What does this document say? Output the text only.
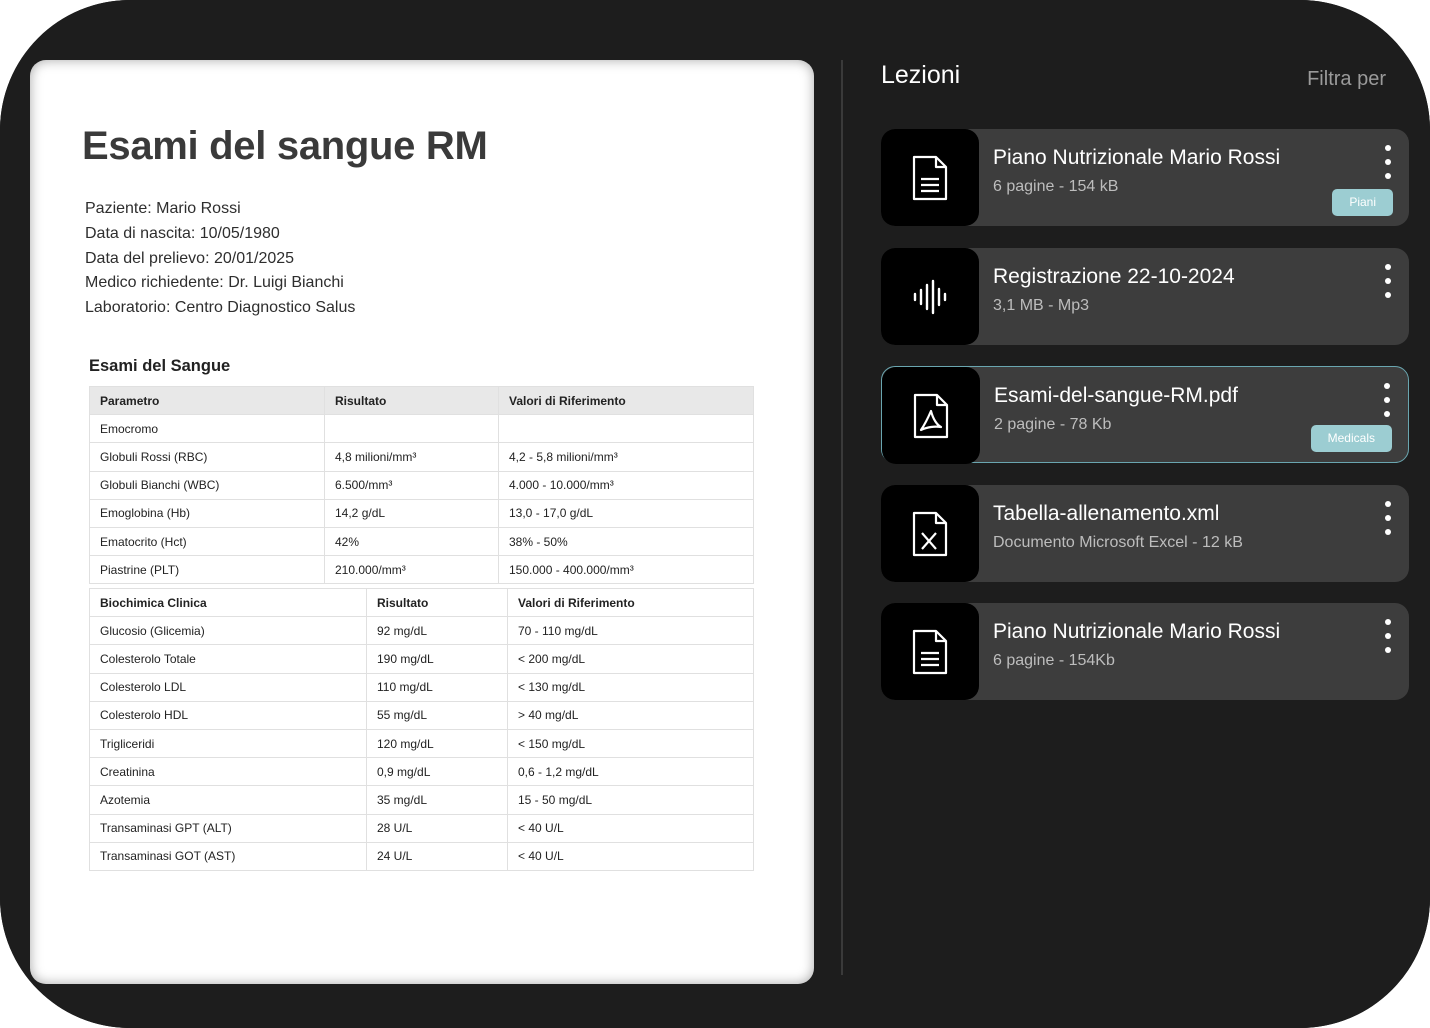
Esami del sangue RM
Paziente: Mario Rossi
Data di nascita: 10/05/1980
Data del prelievo: 20/01/2025
Medico richiedente: Dr. Luigi Bianchi
Laboratorio: Centro Diagnostico Salus
Esami del Sangue
Parametro	Risultato	Valori di Riferimento
Emocromo		
Globuli Rossi (RBC)	4,8 milioni/mm³	4,2 - 5,8 milioni/mm³
Globuli Bianchi (WBC)	6.500/mm³	4.000 - 10.000/mm³
Emoglobina (Hb)	14,2 g/dL	13,0 - 17,0 g/dL
Ematocrito (Hct)	42%	38% - 50%
Piastrine (PLT)	210.000/mm³	150.000 - 400.000/mm³
Biochimica Clinica	Risultato	Valori di Riferimento
Glucosio (Glicemia)	92 mg/dL	70 - 110 mg/dL
Colesterolo Totale	190 mg/dL	< 200 mg/dL
Colesterolo LDL	110 mg/dL	< 130 mg/dL
Colesterolo HDL	55 mg/dL	> 40 mg/dL
Trigliceridi	120 mg/dL	< 150 mg/dL
Creatinina	0,9 mg/dL	0,6 - 1,2 mg/dL
Azotemia	35 mg/dL	15 - 50 mg/dL
Transaminasi GPT (ALT)	28 U/L	< 40 U/L
Transaminasi GOT (AST)	24 U/L	< 40 U/L
Lezioni	Filtra per
Piano Nutrizionale Mario Rossi
6 pagine - 154 kB
Piani
Registrazione 22-10-2024
3,1 MB - Mp3
Esami-del-sangue-RM.pdf
2 pagine - 78 Kb
Medicals
Tabella-allenamento.xml
Documento Microsoft Excel - 12 kB
Piano Nutrizionale Mario Rossi
6 pagine - 154Kb
